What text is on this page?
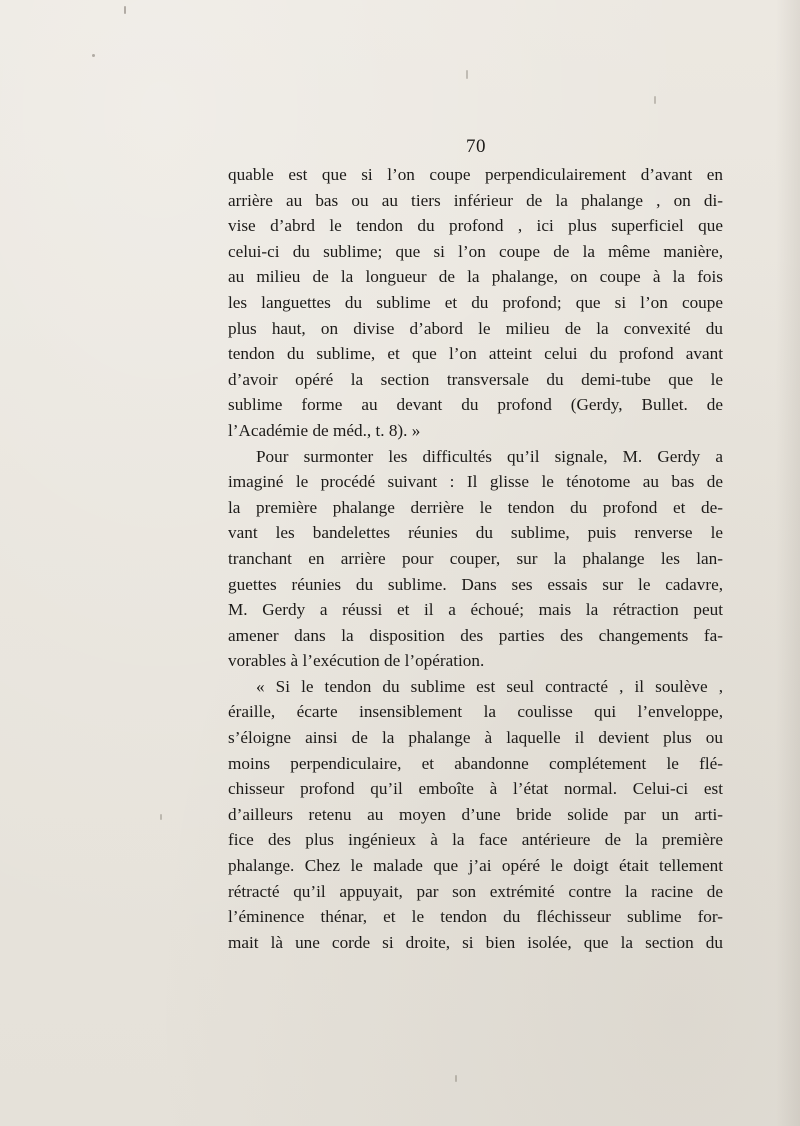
70
quable est que si l’on coupe perpendiculairement d’avant en
arrière au bas ou au tiers inférieur de la phalange , on di-
vise d’abrd le tendon du profond , ici plus superficiel que
celui-ci du sublime; que si l’on coupe de la même manière,
au milieu de la longueur de la phalange, on coupe à la fois
les languettes du sublime et du profond; que si l’on coupe
plus haut, on divise d’abord le milieu de la convexité du
tendon du sublime, et que l’on atteint celui du profond avant
d’avoir opéré la section transversale du demi-tube que le
sublime forme au devant du profond (Gerdy, Bullet. de
l’Académie de méd., t. 8). »
Pour surmonter les difficultés qu’il signale, M. Gerdy a
imaginé le procédé suivant : Il glisse le ténotome au bas de
la première phalange derrière le tendon du profond et de-
vant les bandelettes réunies du sublime, puis renverse le
tranchant en arrière pour couper, sur la phalange les lan-
guettes réunies du sublime. Dans ses essais sur le cadavre,
M. Gerdy a réussi et il a échoué; mais la rétraction peut
amener dans la disposition des parties des changements fa-
vorables à l’exécution de l’opération.
« Si le tendon du sublime est seul contracté , il soulève ,
éraille, écarte insensiblement la coulisse qui l’enveloppe,
s’éloigne ainsi de la phalange à laquelle il devient plus ou
moins perpendiculaire, et abandonne complétement le flé-
chisseur profond qu’il emboîte à l’état normal. Celui-ci est
d’ailleurs retenu au moyen d’une bride solide par un arti-
fice des plus ingénieux à la face antérieure de la première
phalange. Chez le malade que j’ai opéré le doigt était tellement
rétracté qu’il appuyait, par son extrémité contre la racine de
l’éminence thénar, et le tendon du fléchisseur sublime for-
mait là une corde si droite, si bien isolée, que la section du
